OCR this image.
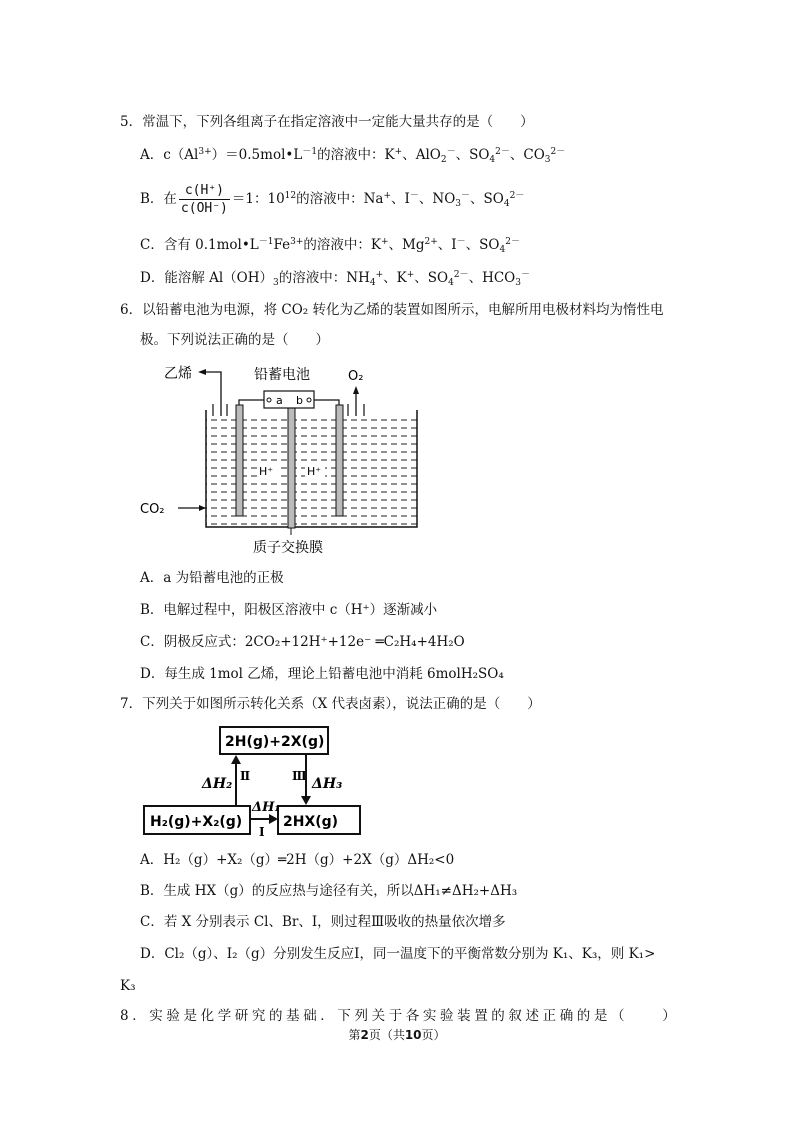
5．常温下，下列各组离子在指定溶液中一定能大量共存的是（　　）
A．$c(Al^{3+})=0.5mol•L^{-1}$的溶液中：K+、AlO$_2$－、$SO_4^{2-}$、$CO_3^{2-}$
B．在 $\frac{c(H^+)}{c(OH^-)} =1$：$10^{12}$的溶液中：Na+、I－、$NO_3^-$、$SO_4^{2-}$
C．含有 $0.1mol•L^{-1}Fe^{3+}$的溶液中：K+、$Mg^{2+}$、I－、$SO_4^{2-}$
D．能溶解 $Al(OH)_3$的溶液中：$NH_4^+$、K+、$SO_4^{2-}$、$HCO_3^-$
6．以铅蓄电池为电源，将 CO₂ 转化为乙烯的装置如图所示，电解所用电极材料均为惰性电
极。下列说法正确的是（　　）
乙烯	铅蓄电池
a b
O₂
H⁺	H⁺
CO₂
质子交换膜
A．a 为铅蓄电池的正极
B．电解过程中，阳极区溶液中 c（H⁺）逐渐减小
C．阴极反应式：2CO₂+12H⁺+12e⁻ ═C₂H₄+4H₂O
D．每生成 1mol 乙烯，理论上铅蓄电池中消耗 6molH₂SO₄
7．下列关于如图所示转化关系（X 代表卤素），说法正确的是（　　）
2H(g)+2X(g)
H₂(g)+X₂(g)	2HX(g)
ΔH₂ Ⅱ	Ⅲ ΔH₃
ΔH₁
Ⅰ
A．H₂（g）+X₂（g）═2H（g）+2X（g）ΔH₂<0
B．生成 HX（g）的反应热与途径有关，所以ΔH₁≠ΔH₂+ΔH₃
C．若 X 分别表示 Cl、Br、I，则过程Ⅲ吸收的热量依次增多
D．Cl₂（g）、I₂（g）分别发生反应Ⅰ，同一温度下的平衡常数分别为 K₁、K₃，则 K₁>
K₃
8．实验是化学研究的基础．下列关于各实验装置的叙述正确的是（　　）
第2页（共10页）
